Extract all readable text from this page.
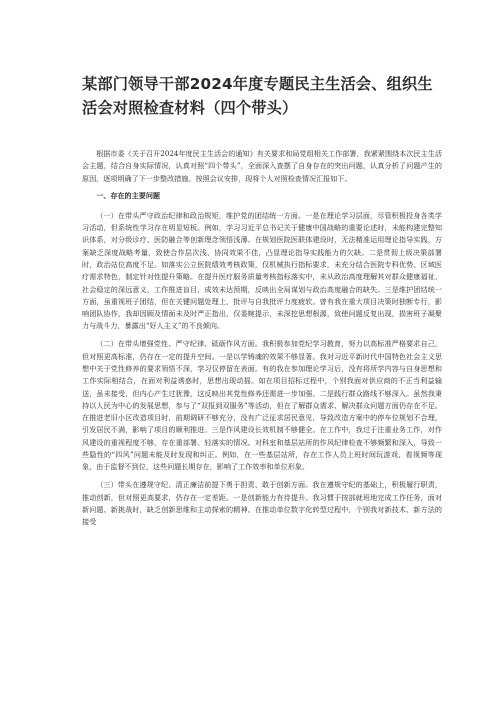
某部门领导干部2024年度专题民主生活会、组织生活会对照检查材料（四个带头）

根据市委《关于召开2024年度民主生活会的通知》有关要求和局党组相关工作部署，我紧紧围绕本次民主生活会主题，结合自身实际情况，认真对照“四个带头”，全面深入查摆了自身存在的突出问题，认真分析了问题产生的原因，逐项明确了下一步整改措施。按照会议安排，现将个人对照检查情况汇报如下。

一、存在的主要问题

（一）在带头严守政治纪律和政治规矩，维护党的团结统一方面。一是在理论学习层面，尽管积极投身各类学习活动，但系统性学习存在明显短板。例如，学习习近平总书记关于健康中国战略的重要论述时，未能构建完整知识体系，对分级诊疗、医防融合等创新理念领悟浅薄。在规划医院医联体建设时，无法精准运用理论指导实践，方案缺乏深度战略考量，致使合作层次浅、协同效果不佳，凸显理论指导实践能力的欠缺。二是贯彻上级决策部署时，政治站位高度不足。如落实公立医院绩效考核政策，仅机械执行指标要求，未充分结合医院专科优势、区域医疗需求特色，制定针对性提升策略。在提升医疗服务质量考核指标落实中，未从政治高度理解其对群众健康福祉、社会稳定的深远意义，工作推进盲目，成效未达预期，反映出全局谋划与政治高度融合的缺失。三是维护团结统一方面，虽重视班子团结，但在关键问题处理上，批评与自我批评力度疲软。曾有我在重大项目决策时独断专行，影响团队协作，我却因顾及情面未及时严正指出，仅委婉提示，未深挖思想根源，致使问题反复出现，损害班子凝聚力与战斗力，暴露出“好人主义”的不良倾向。

（二）在带头增强党性、严守纪律、砥砺作风方面。我积极参加党纪学习教育，努力以高标准严格要求自己，但对照更高标准，仍存在一定的提升空间。一是以学铸魂的效果不够显著。我对习近平新时代中国特色社会主义思想中关于党性修养的要求领悟不深，学习仅停留在表面。有的我在参加理论学习后，没有将所学内容与自身思想和工作实际相结合，在面对利益诱惑时，思想出现动摇。如在项目招标过程中，个别我面对供应商的不正当利益输送，虽未接受，但内心产生过犹豫，这反映出其党性修养还需进一步加强。二是践行群众路线不够深入。虽然我秉持以人民为中心的发展思想，参与了“双报到双服务”等活动，但在了解群众需求、解决群众问题方面仍存在不足。在推进老旧小区改造项目时，前期调研不够充分，没有广泛征求居民意见，导致改造方案中的停车位规划不合理，引发居民不满，影响了项目的顺利推进。三是作风建设长效机制不够健全。在工作中，我过于注重业务工作，对作风建设的重视程度不够，存在重部署、轻落实的情况。对科室和基层站所的作风纪律检查不够频繁和深入，导致一些隐性的“四风”问题未能及时发现和纠正。例如，在一些基层站所，存在工作人员上班时间玩游戏、看视频等现象，由于监督不到位，这些问题长期存在，影响了工作效率和单位形象。

（三）带头在遵规守纪、清正廉洁前提下勇于担责、敢于创新方面。我在遵规守纪的基础上，积极履行职责，推动创新，但对照更高要求，仍存在一定差距。一是创新能力有待提升。我习惯于按部就班地完成工作任务，面对新问题、新挑战时，缺乏创新思维和主动探索的精神。在推动单位数字化转型过程中，个别我对新技术、新方法的接受
